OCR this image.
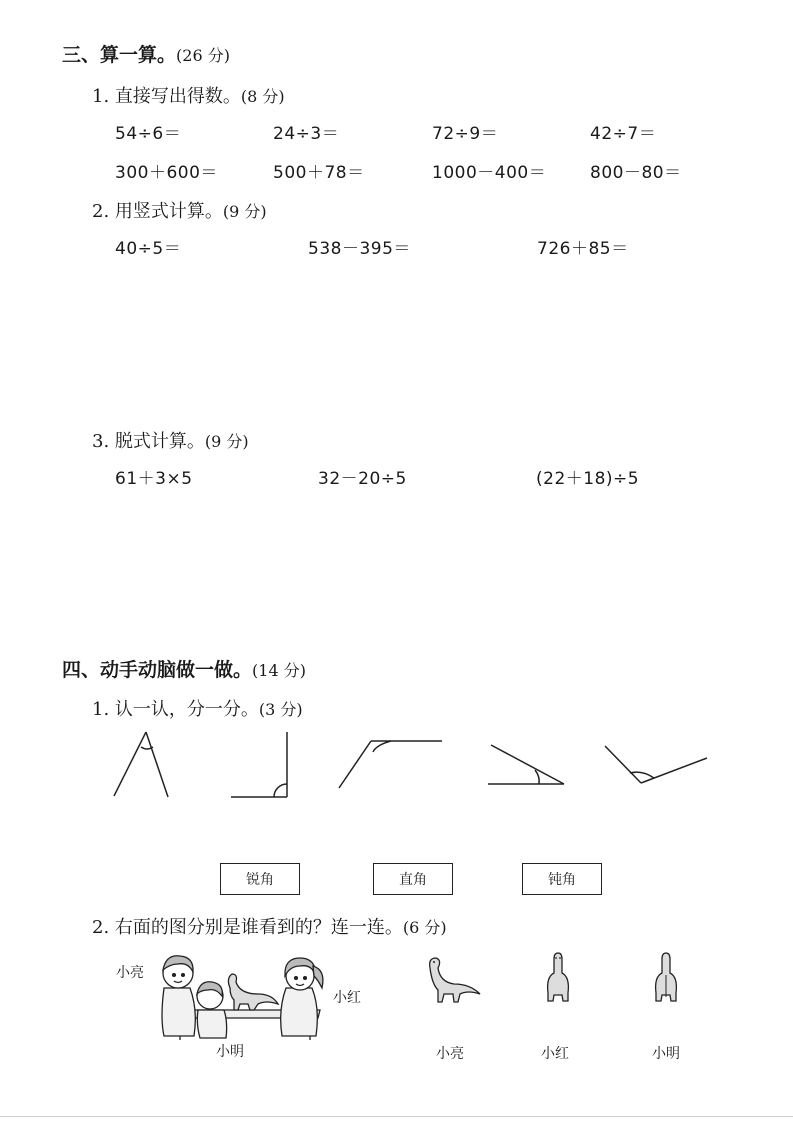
三、算一算。(26 分)
1. 直接写出得数。(8 分)
54÷6＝	24÷3＝	72÷9＝	42÷7＝
300＋600＝	500＋78＝	1000－400＝	800－80＝
2. 用竖式计算。(9 分)
40÷5＝	538－395＝	726＋85＝
3. 脱式计算。(9 分)
61＋3×5	32－20÷5	(22＋18)÷5
四、动手动脑做一做。(14 分)
1. 认一认，分一分。(3 分)
锐角	直角	钝角
2. 右面的图分别是谁看到的？连一连。(6 分)
小亮
小红
小明	小亮	小红	小明
